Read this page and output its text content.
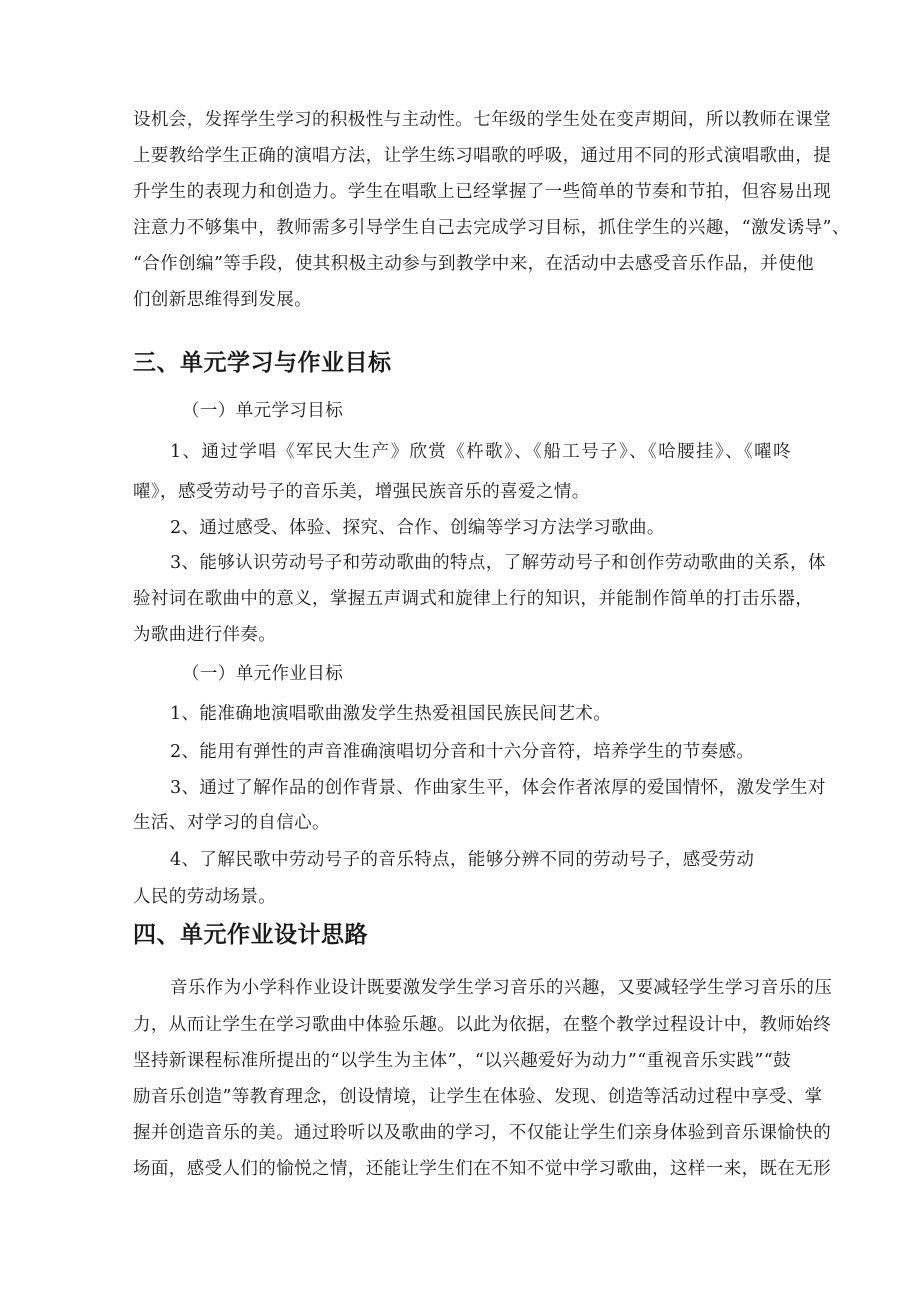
设机会，发挥学生学习的积极性与主动性。七年级的学生处在变声期间，所以教师在课堂
上要教给学生正确的演唱方法，让学生练习唱歌的呼吸，通过用不同的形式演唱歌曲，提
升学生的表现力和创造力。学生在唱歌上已经掌握了一些简单的节奏和节拍，但容易出现
注意力不够集中，教师需多引导学生自己去完成学习目标，抓住学生的兴趣，“激发诱导”、
“合作创编”等手段，使其积极主动参与到教学中来，在活动中去感受音乐作品，并使他
们创新思维得到发展。
三、单元学习与作业目标
（一）单元学习目标
1、通过学唱《军民大生产》欣赏《杵歌》、《船工号子》、《哈腰挂》、《嚁咚
嚁》，感受劳动号子的音乐美，增强民族音乐的喜爱之情。
2、通过感受、体验、探究、合作、创编等学习方法学习歌曲。
3、能够认识劳动号子和劳动歌曲的特点，了解劳动号子和创作劳动歌曲的关系，体
验衬词在歌曲中的意义，掌握五声调式和旋律上行的知识，并能制作简单的打击乐器，
为歌曲进行伴奏。
（一）单元作业目标
1、能准确地演唱歌曲激发学生热爱祖国民族民间艺术。
2、能用有弹性的声音准确演唱切分音和十六分音符，培养学生的节奏感。
3、通过了解作品的创作背景、作曲家生平，体会作者浓厚的爱国情怀，激发学生对
生活、对学习的自信心。
4、了解民歌中劳动号子的音乐特点，能够分辨不同的劳动号子，感受劳动
人民的劳动场景。
四、单元作业设计思路
音乐作为小学科作业设计既要激发学生学习音乐的兴趣，又要减轻学生学习音乐的压
力，从而让学生在学习歌曲中体验乐趣。以此为依据，在整个教学过程设计中，教师始终
坚持新课程标准所提出的“以学生为主体”，“以兴趣爱好为动力”“重视音乐实践”“鼓
励音乐创造”等教育理念，创设情境，让学生在体验、发现、创造等活动过程中享受、掌
握并创造音乐的美。通过聆听以及歌曲的学习，不仅能让学生们亲身体验到音乐课愉快的
场面，感受人们的愉悦之情，还能让学生们在不知不觉中学习歌曲，这样一来，既在无形
